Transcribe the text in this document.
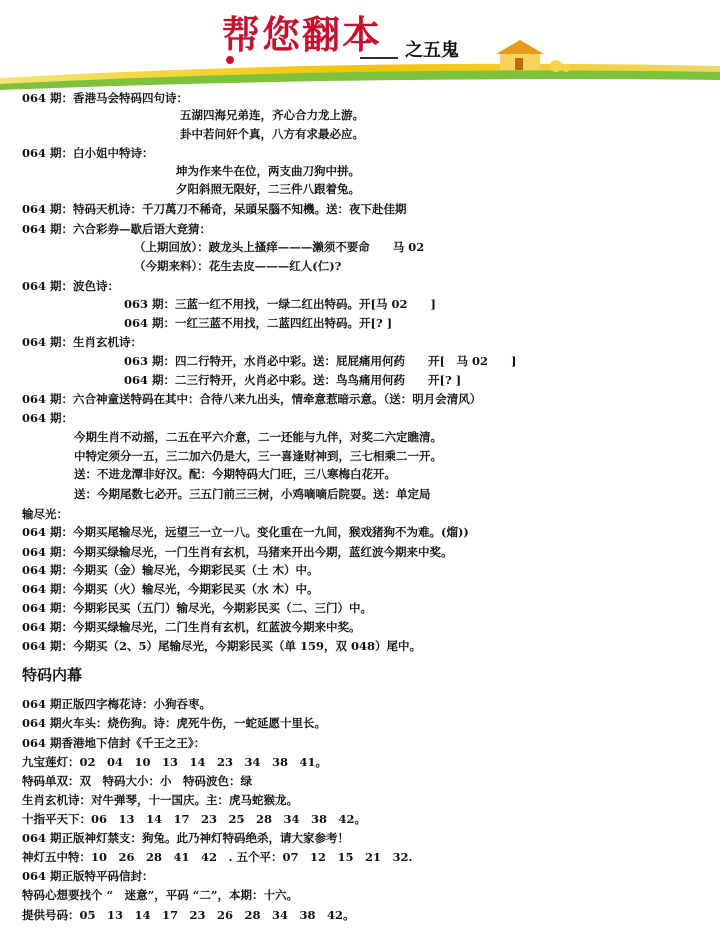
帮您翻本 之五鬼
064 期：香港马会特码四句诗：
五湖四海兄弟连，齐心合力龙上游。
卦中若问奸个真，八方有求最必应。
064 期：白小姐中特诗：
坤为作来牛在位，两支曲刀狗中拼。
夕阳斜照无限好，二三件八跟着兔。
064 期：特码天机诗：千刀萬刀不稀奇，呆頭呆腦不知機。送：夜下赴佳期
064 期：六合彩券—歇后语大竞猜：
（上期回放）：跛龙头上搔痒———濑须不要命　　马 02
（今期来料）：花生去皮———红人(仁)?
064 期：波色诗：
063 期：三蓝一红不用找，一绿二红出特码。开[马 02　　]
064 期：一红三蓝不用找，二蓝四红出特码。开[? ]
064 期：生肖玄机诗：
063 期：四二行特开，水肖必中彩。送：屁屁痛用何药　　开[　马 02　　]
064 期：二三行特开，火肖必中彩。送：鸟鸟痛用何药　　开[? ]
064 期：六合神童送特码在其中：合待八来九出头，情牵意惹暗示意。（送：明月会清风）
064 期：
今期生肖不动摇，二五在平六介意，二一还能与九伴，对奖二六定瞧清。
中特定须分一五，三二加六仍是大，三一喜逢财神到，三七相乘二一开。
送：不进龙潭非好汉。配：今期特码大门旺，三八寒梅白花开。
送：今期尾数七必开。三五门前三三树，小鸡嘀嘀后院耍。送：单定局
输尽光：
064 期：今期买尾输尽光，远望三一立一八。变化重在一九间，猴戏猪狗不为难。(熘))
064 期：今期买绿输尽光，一门生肖有玄机，马猪来开出今期，蓝红波今期来中奖。
064 期：今期买（金）输尽光，今期彩民买（土 木）中。
064 期：今期买（火）输尽光，今期彩民买（水 木）中。
064 期：今期彩民买（五门）输尽光，今期彩民买（二、三门）中。
064 期：今期买绿输尽光，二门生肖有玄机，红蓝波今期来中奖。
064 期：今期买（2、5）尾输尽光，今期彩民买（单 159，双 048）尾中。
特码内幕
064 期正版四字梅花诗：小狗吞枣。
064 期火车头：烧伤狗。诗：虎死牛伤，一蛇延愿十里长。
064 期香港地下信封《千王之王》：
九宝莲灯：02　04　10　13　14　23　34　38　41。
特码单双：双　特码大小：小　特码波色：绿
生肖玄机诗：对牛弹琴，十一国庆。主：虎马蛇猴龙。
十指平天下：06　13　14　17　23　25　28　34　38　42。
064 期正版神灯禁支：狗兔。此乃神灯特码绝杀，请大家参考！
神灯五中特：10　26　28　41　42　. 五个平：07　12　15　21　32.
064 期正版特平码信封：
特码心想要找个 “　迷意”，平码 “二”，本期：十六。
提供号码：05　13　14　17　23　26　28　34　38　42。
